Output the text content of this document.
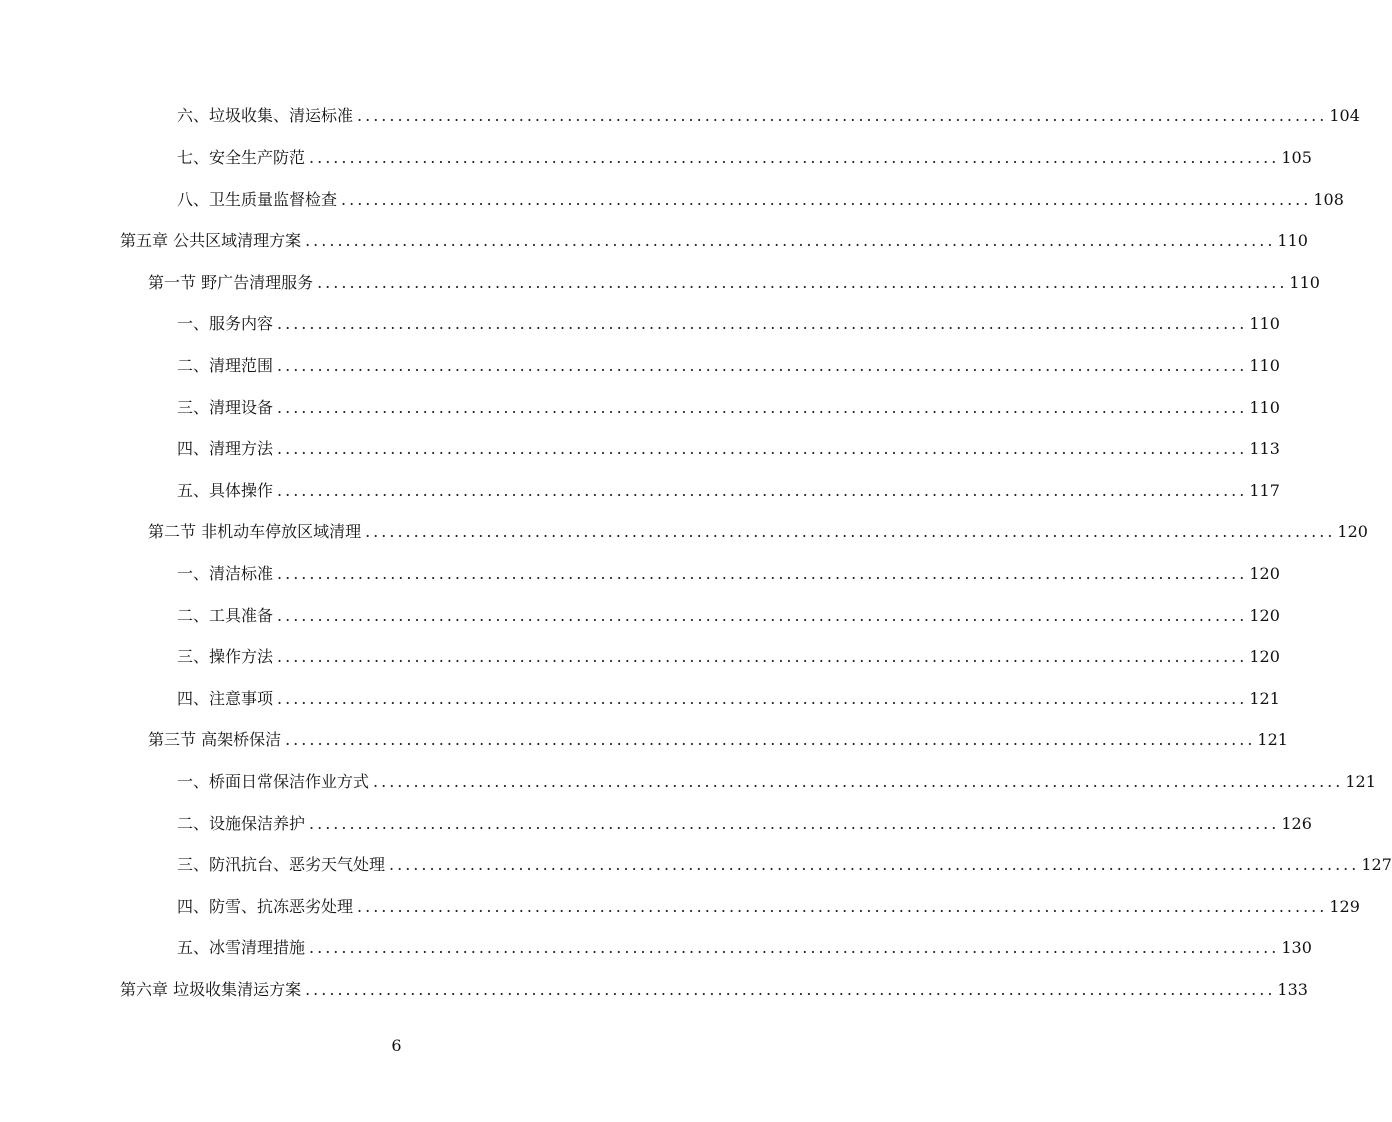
六、垃圾收集、清运标准 ........................................................................................................................ 104
七、安全生产防范 ........................................................................................................................ 105
八、卫生质量监督检查 ........................................................................................................................ 108
第五章 公共区域清理方案 ........................................................................................................................ 110
第一节 野广告清理服务 ........................................................................................................................ 110
一、服务内容 ........................................................................................................................ 110
二、清理范围 ........................................................................................................................ 110
三、清理设备 ........................................................................................................................ 110
四、清理方法 ........................................................................................................................ 113
五、具体操作 ........................................................................................................................ 117
第二节 非机动车停放区域清理 ........................................................................................................................ 120
一、清洁标准 ........................................................................................................................ 120
二、工具准备 ........................................................................................................................ 120
三、操作方法 ........................................................................................................................ 120
四、注意事项 ........................................................................................................................ 121
第三节 高架桥保洁 ........................................................................................................................ 121
一、桥面日常保洁作业方式 ........................................................................................................................ 121
二、设施保洁养护 ........................................................................................................................ 126
三、防汛抗台、恶劣天气处理 ........................................................................................................................ 127
四、防雪、抗冻恶劣处理 ........................................................................................................................ 129
五、冰雪清理措施 ........................................................................................................................ 130
第六章 垃圾收集清运方案 ........................................................................................................................ 133
6
